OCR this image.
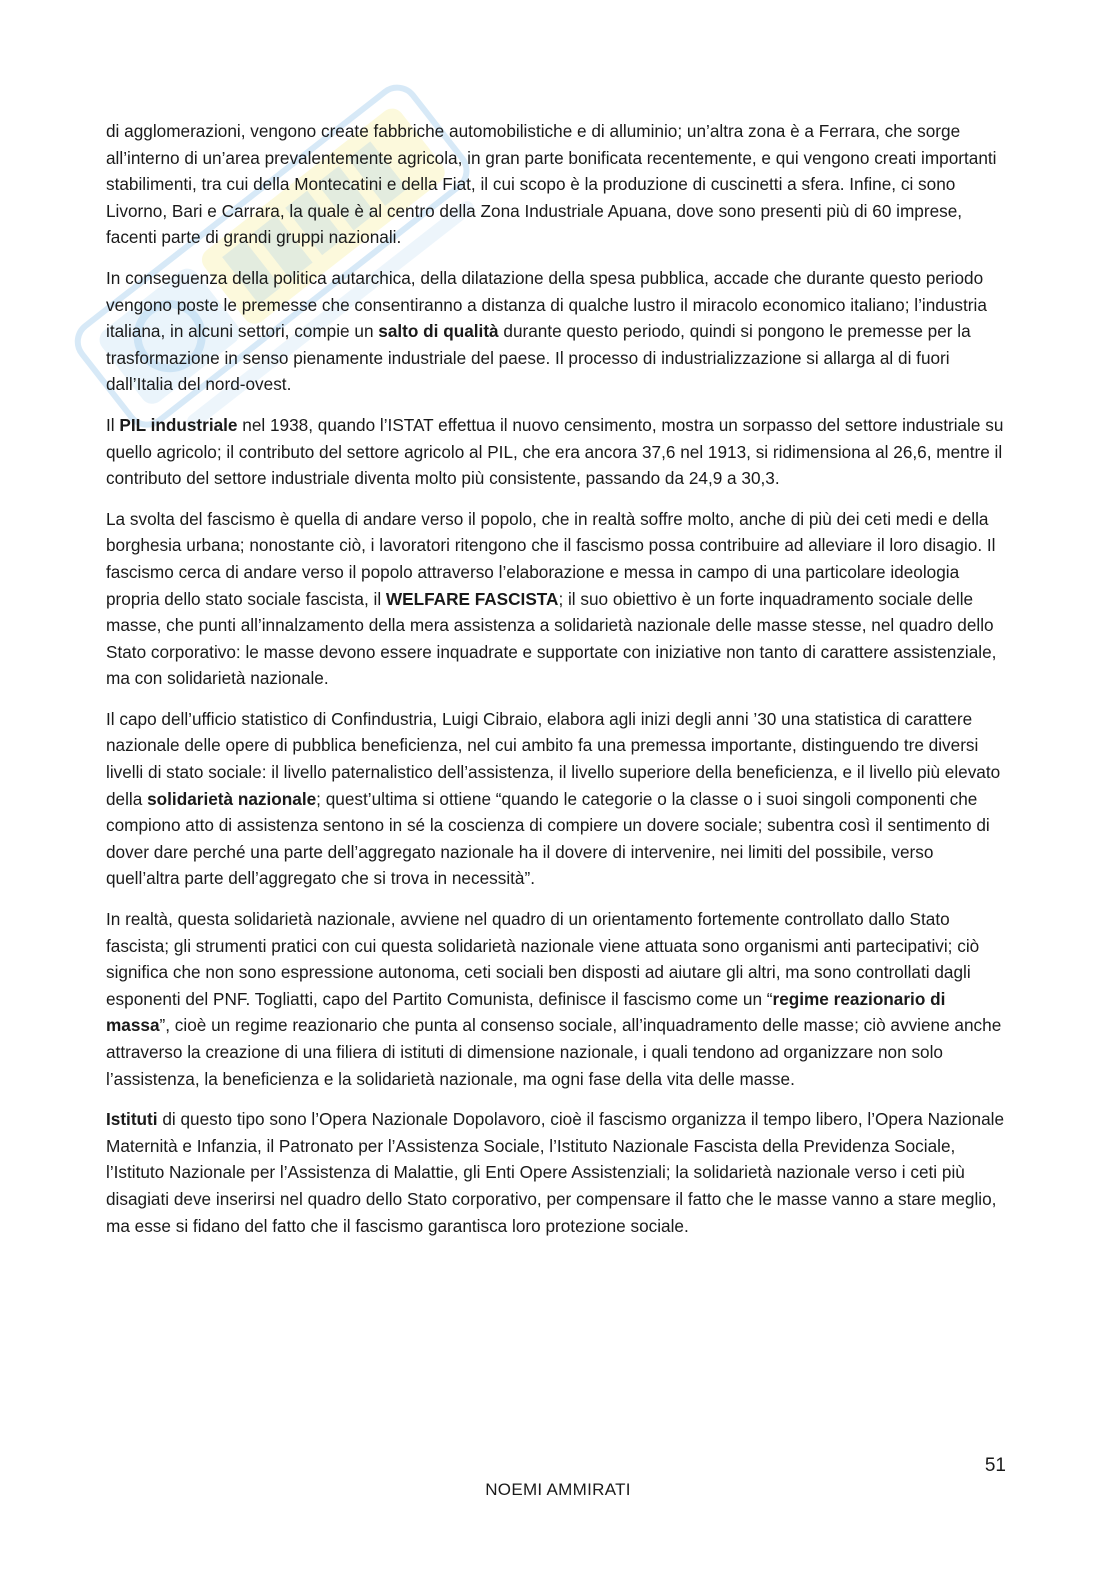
di agglomerazioni, vengono create fabbriche automobilistiche e di alluminio; un’altra zona è a Ferrara, che sorge all’interno di un’area prevalentemente agricola, in gran parte bonificata recentemente, e qui vengono creati importanti stabilimenti, tra cui della Montecatini e della Fiat, il cui scopo è la produzione di cuscinetti a sfera. Infine, ci sono Livorno, Bari e Carrara, la quale è al centro della Zona Industriale Apuana, dove sono presenti più di 60 imprese, facenti parte di grandi gruppi nazionali.

In conseguenza della politica autarchica, della dilatazione della spesa pubblica, accade che durante questo periodo vengono poste le premesse che consentiranno a distanza di qualche lustro il miracolo economico italiano; l’industria italiana, in alcuni settori, compie un salto di qualità durante questo periodo, quindi si pongono le premesse per la trasformazione in senso pienamente industriale del paese. Il processo di industrializzazione si allarga al di fuori dall’Italia del nord-ovest.

Il PIL industriale nel 1938, quando l’ISTAT effettua il nuovo censimento, mostra un sorpasso del settore industriale su quello agricolo; il contributo del settore agricolo al PIL, che era ancora 37,6 nel 1913, si ridimensiona al 26,6, mentre il contributo del settore industriale diventa molto più consistente, passando da 24,9 a 30,3.

La svolta del fascismo è quella di andare verso il popolo, che in realtà soffre molto, anche di più dei ceti medi e della borghesia urbana; nonostante ciò, i lavoratori ritengono che il fascismo possa contribuire ad alleviare il loro disagio. Il fascismo cerca di andare verso il popolo attraverso l’elaborazione e messa in campo di una particolare ideologia propria dello stato sociale fascista, il WELFARE FASCISTA; il suo obiettivo è un forte inquadramento sociale delle masse, che punti all’innalzamento della mera assistenza a solidarietà nazionale delle masse stesse, nel quadro dello Stato corporativo: le masse devono essere inquadrate e supportate con iniziative non tanto di carattere assistenziale, ma con solidarietà nazionale.

Il capo dell’ufficio statistico di Confindustria, Luigi Cibraio, elabora agli inizi degli anni ’30 una statistica di carattere nazionale delle opere di pubblica beneficienza, nel cui ambito fa una premessa importante, distinguendo tre diversi livelli di stato sociale: il livello paternalistico dell’assistenza, il livello superiore della beneficienza, e il livello più elevato della solidarietà nazionale; quest’ultima si ottiene “quando le categorie o la classe o i suoi singoli componenti che compiono atto di assistenza sentono in sé la coscienza di compiere un dovere sociale; subentra così il sentimento di dover dare perché una parte dell’aggregato nazionale ha il dovere di intervenire, nei limiti del possibile, verso quell’altra parte dell’aggregato che si trova in necessità”.

In realtà, questa solidarietà nazionale, avviene nel quadro di un orientamento fortemente controllato dallo Stato fascista; gli strumenti pratici con cui questa solidarietà nazionale viene attuata sono organismi anti partecipativi; ciò significa che non sono espressione autonoma, ceti sociali ben disposti ad aiutare gli altri, ma sono controllati dagli esponenti del PNF. Togliatti, capo del Partito Comunista, definisce il fascismo come un “regime reazionario di massa”, cioè un regime reazionario che punta al consenso sociale, all’inquadramento delle masse; ciò avviene anche attraverso la creazione di una filiera di istituti di dimensione nazionale, i quali tendono ad organizzare non solo l’assistenza, la beneficienza e la solidarietà nazionale, ma ogni fase della vita delle masse.

Istituti di questo tipo sono l’Opera Nazionale Dopolavoro, cioè il fascismo organizza il tempo libero, l’Opera Nazionale Maternità e Infanzia, il Patronato per l’Assistenza Sociale, l’Istituto Nazionale Fascista della Previdenza Sociale, l’Istituto Nazionale per l’Assistenza di Malattie, gli Enti Opere Assistenziali; la solidarietà nazionale verso i ceti più disagiati deve inserirsi nel quadro dello Stato corporativo, per compensare il fatto che le masse vanno a stare meglio, ma esse si fidano del fatto che il fascismo garantisca loro protezione sociale.

51
NOEMI AMMIRATI
